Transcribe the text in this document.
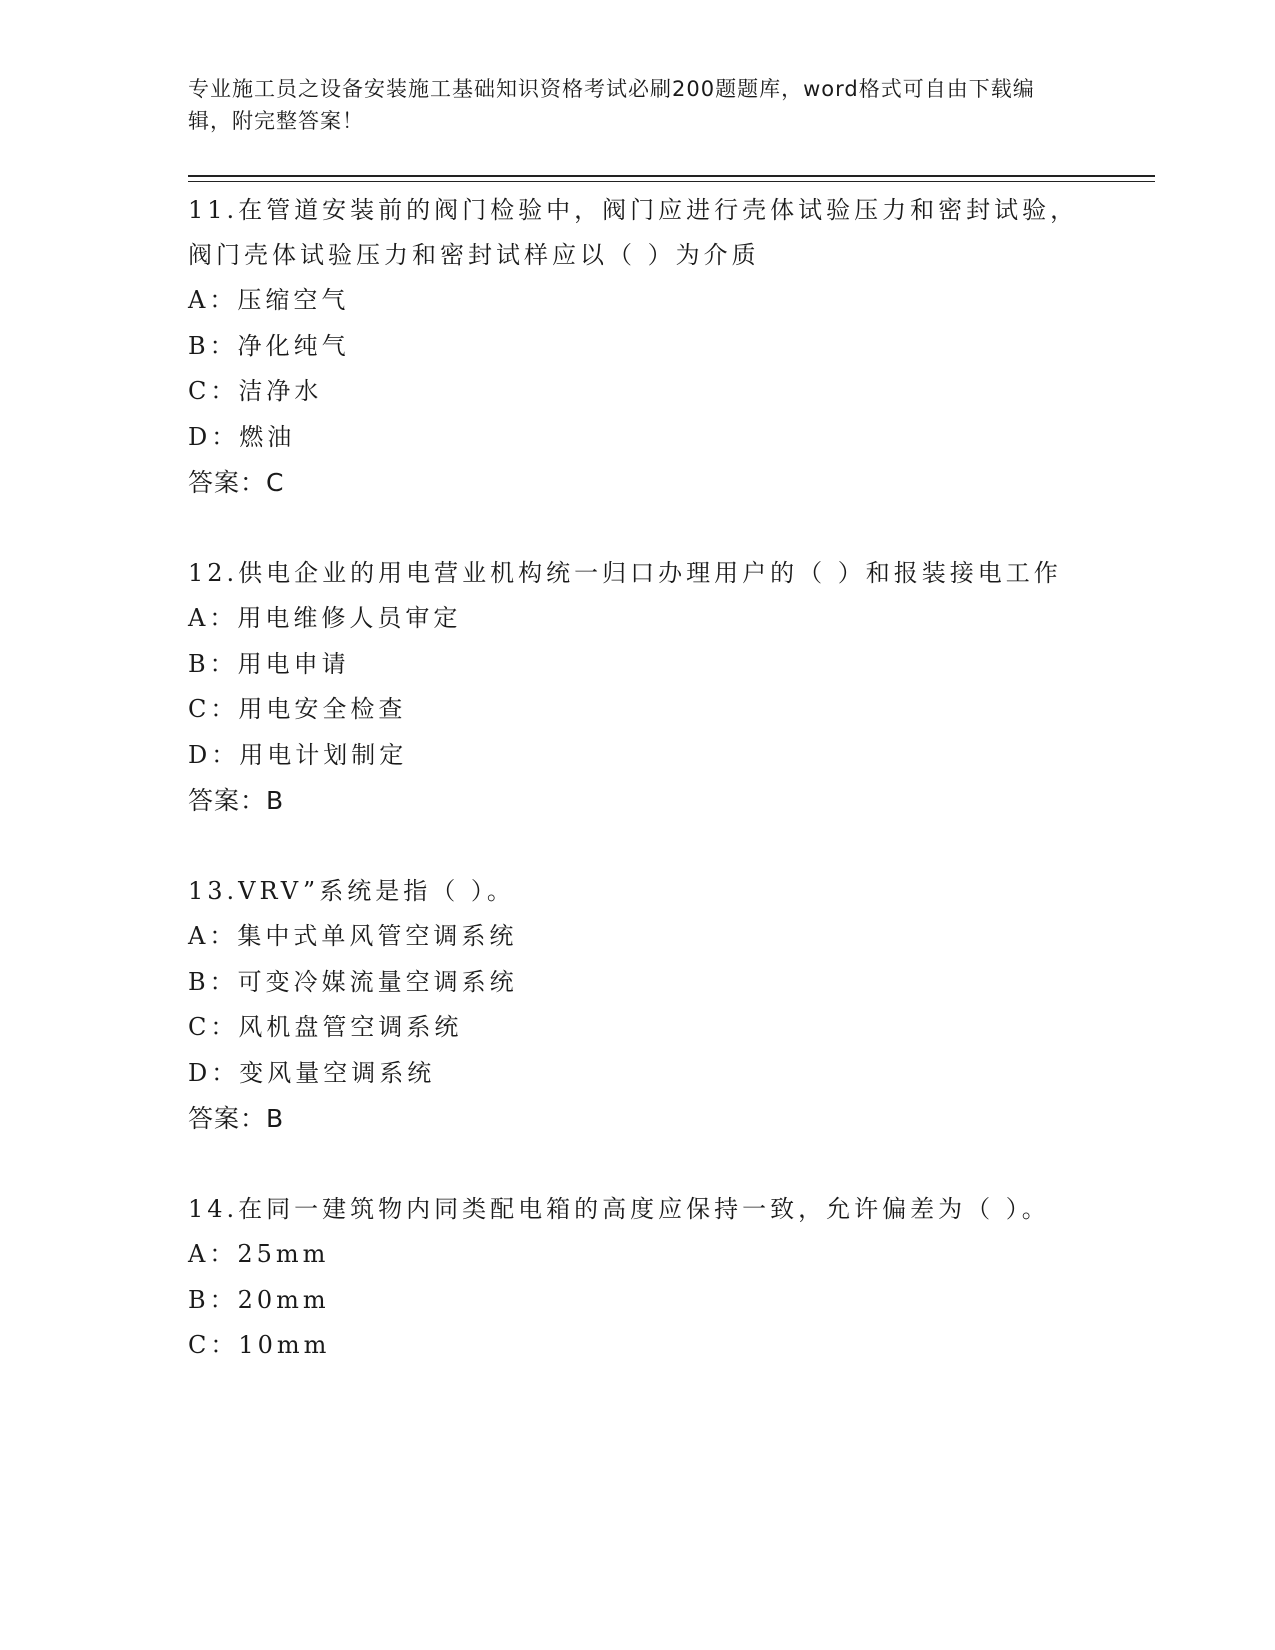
专业施工员之设备安装施工基础知识资格考试必刷200题题库，word格式可自由下载编辑，附完整答案！
11.在管道安装前的阀门检验中，阀门应进行壳体试验压力和密封试验，阀门壳体试验压力和密封试样应以（ ）为介质
A：压缩空气
B：净化纯气
C：洁净水
D：燃油
答案：C
12.供电企业的用电营业机构统一归口办理用户的（ ）和报装接电工作
A：用电维修人员审定
B：用电申请
C：用电安全检查
D：用电计划制定
答案：B
13.VRV”系统是指（ ）。
A：集中式单风管空调系统
B：可变冷媒流量空调系统
C：风机盘管空调系统
D：变风量空调系统
答案：B
14.在同一建筑物内同类配电箱的高度应保持一致，允许偏差为（ ）。
A：25mm
B：20mm
C：10mm
